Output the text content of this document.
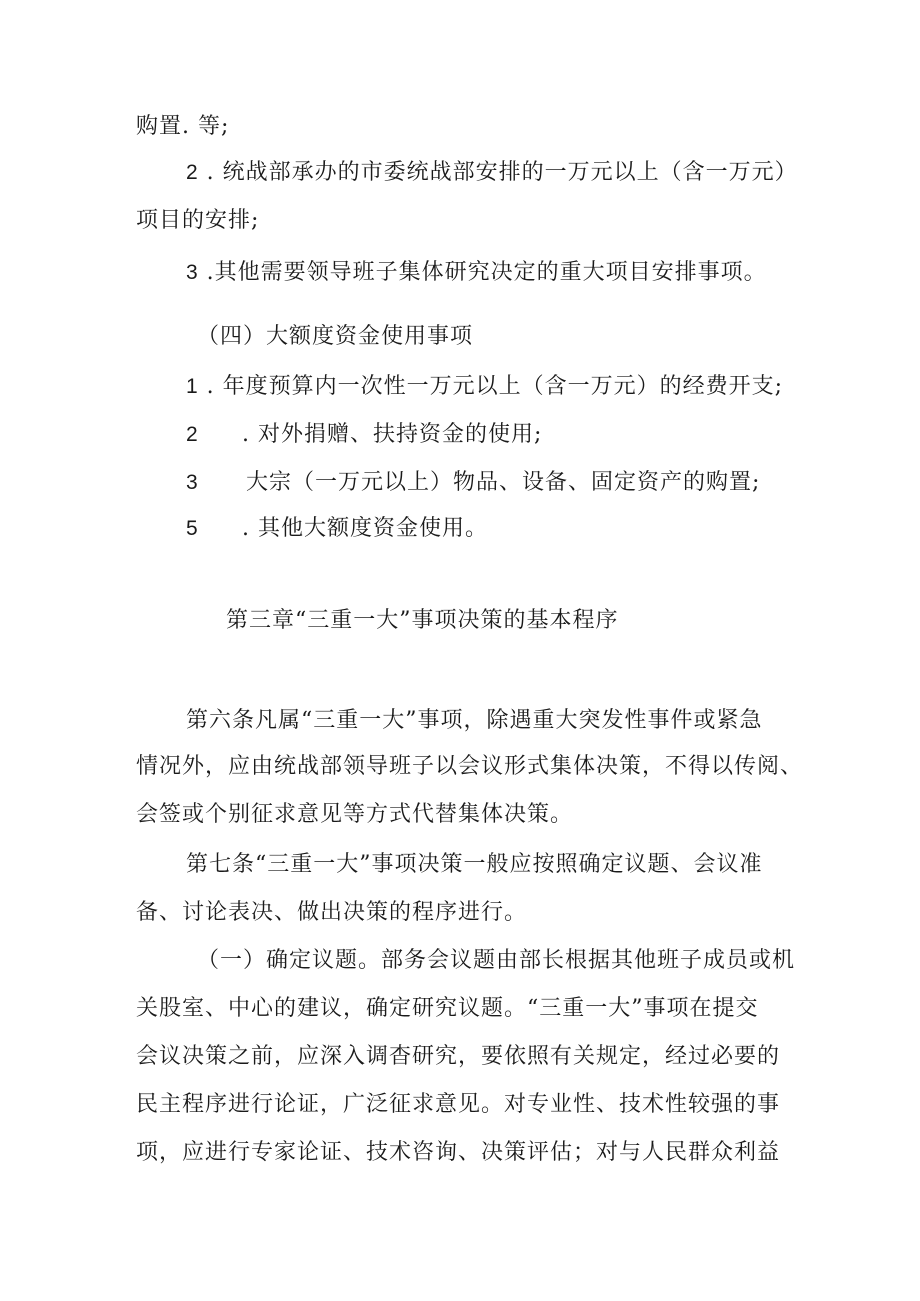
购置. 等;
2 . 统战部承办的市委统战部安排的一万元以上（含一万元）
项目的安排;
3 .其他需要领导班子集体研究决定的重大项目安排事项。
（四）大额度资金使用事项
1 . 年度预算内一次性一万元以上（含一万元）的经费开支;
2 . 对外捐赠、扶持资金的使用;
3 大宗（一万元以上）物品、设备、固定资产的购置;
5 . 其他大额度资金使用。
第三章“三重一大”事项决策的基本程序
第六条凡属“三重一大”事项，除遇重大突发性事件或紧急
情况外，应由统战部领导班子以会议形式集体决策，不得以传阅、
会签或个别征求意见等方式代替集体决策。
第七条“三重一大”事项决策一般应按照确定议题、会议准
备、讨论表决、做出决策的程序进行。
（一）确定议题。部务会议题由部长根据其他班子成员或机
关股室、中心的建议，确定研究议题。“三重一大”事项在提交
会议决策之前，应深入调杳研究，要依照有关规定，经过必要的
民主程序进行论证，广泛征求意见。对专业性、技术性较强的事
项，应进行专家论证、技术咨询、决策评估；对与人民群众利益
